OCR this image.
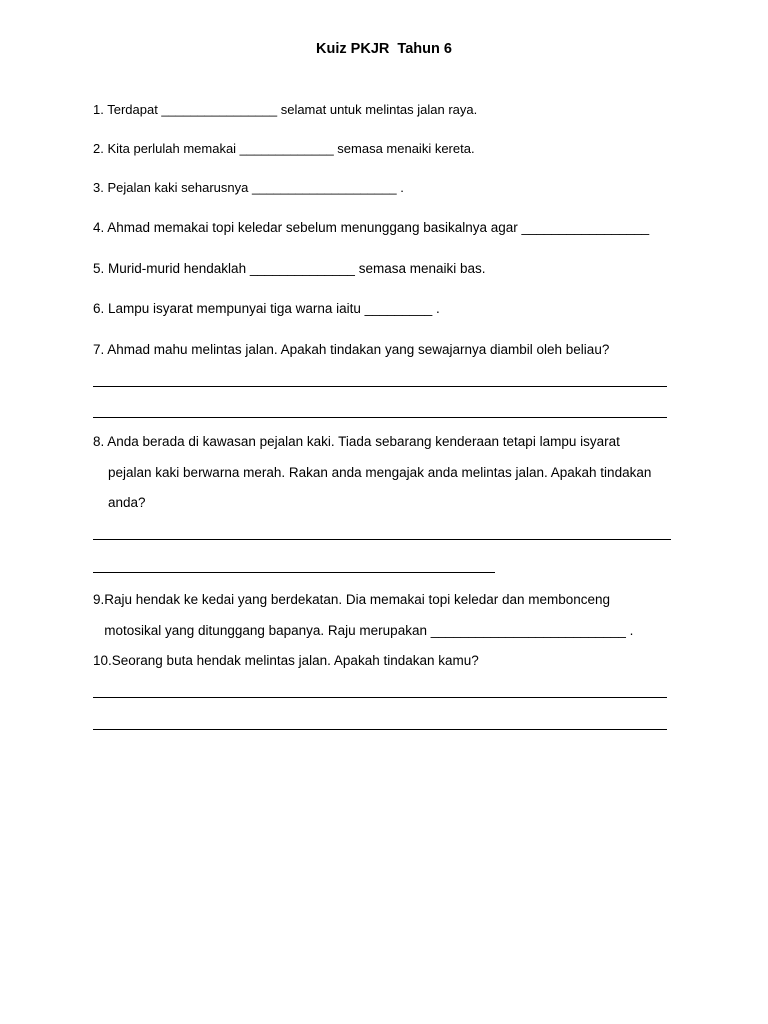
Kuiz PKJR  Tahun 6
1. Terdapat ________________ selamat untuk melintas jalan raya.
2. Kita perlulah memakai _____________ semasa menaiki kereta.
3. Pejalan kaki seharusnya ____________________ .
4. Ahmad memakai topi keledar sebelum menunggang basikalnya agar _________________
5. Murid-murid hendaklah ______________ semasa menaiki bas.
6. Lampu isyarat mempunyai tiga warna iaitu _________ .
7. Ahmad mahu melintas jalan. Apakah tindakan yang sewajarnya diambil oleh beliau?
8. Anda berada di kawasan pejalan kaki. Tiada sebarang kenderaan tetapi lampu isyarat
pejalan kaki berwarna merah. Rakan anda mengajak anda melintas jalan. Apakah tindakan
anda?
9.Raju hendak ke kedai yang berdekatan. Dia memakai topi keledar dan membonceng
motosikal yang ditunggang bapanya. Raju merupakan __________________________ .
10.Seorang buta hendak melintas jalan. Apakah tindakan kamu?
